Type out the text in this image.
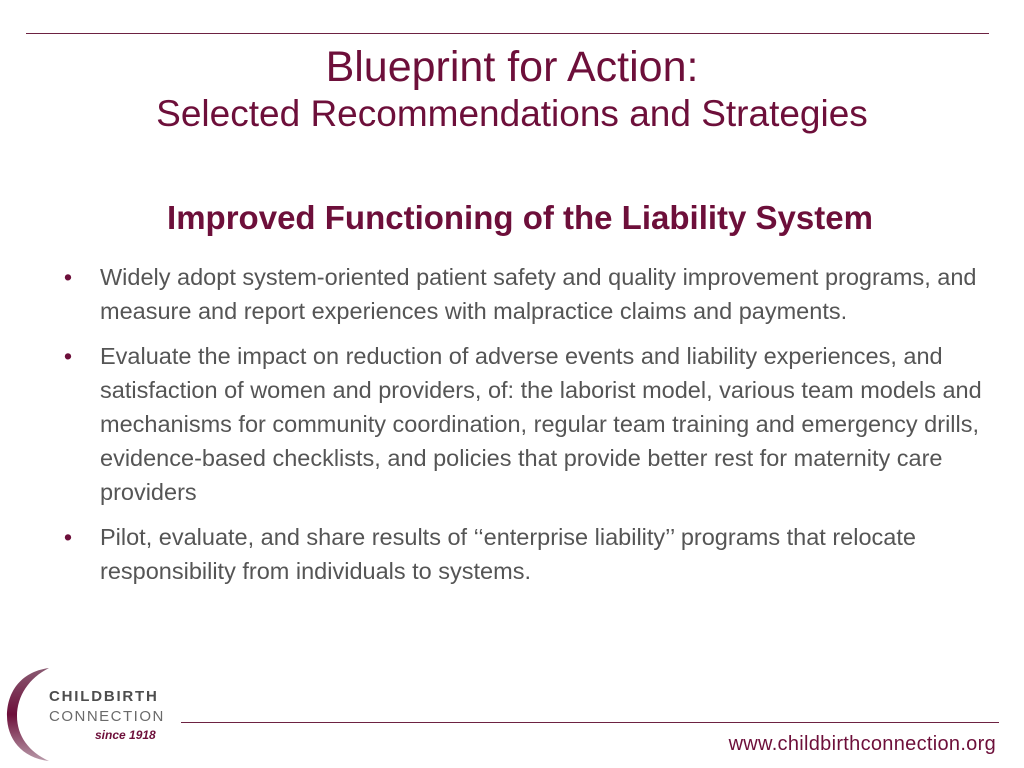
Blueprint for Action:
Selected Recommendations and Strategies
Improved Functioning of the Liability System
• Widely adopt system-oriented patient safety and quality improvement programs, and measure and report experiences with malpractice claims and payments.
• Evaluate the impact on reduction of adverse events and liability experiences, and satisfaction of women and providers, of: the laborist model, various team models and mechanisms for community coordination, regular team training and emergency drills, evidence-based checklists, and policies that provide better rest for maternity care providers
• Pilot, evaluate, and share results of ‘‘enterprise liability’’ programs that relocate responsibility from individuals to systems.
CHILDBIRTH
CONNECTION
since 1918	www.childbirthconnection.org
